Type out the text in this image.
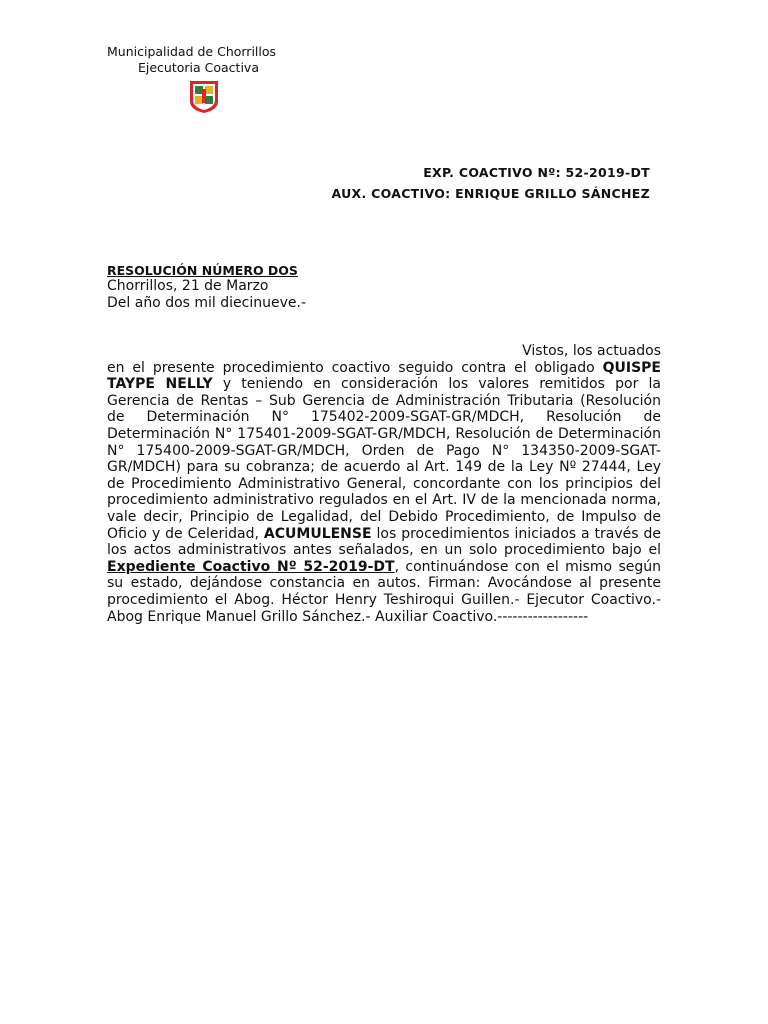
Municipalidad de Chorrillos
Ejecutoria Coactiva
EXP. COACTIVO Nº: 52-2019-DT
AUX. COACTIVO: ENRIQUE GRILLO SÁNCHEZ
RESOLUCIÓN NÚMERO DOS
Chorrillos, 21 de Marzo
Del año dos mil diecinueve.-
Vistos, los actuados
en el presente procedimiento coactivo seguido contra el obligado QUISPE TAYPE NELLY y teniendo en consideración los valores remitidos por la Gerencia de Rentas – Sub Gerencia de Administración Tributaria (Resolución de Determinación N° 175402-2009-SGAT-GR/MDCH, Resolución de Determinación N° 175401-2009-SGAT-GR/MDCH, Resolución de Determinación N° 175400-2009-SGAT-GR/MDCH, Orden de Pago N° 134350-2009-SGAT-GR/MDCH) para su cobranza; de acuerdo al Art. 149 de la Ley Nº 27444, Ley de Procedimiento Administrativo General, concordante con los principios del procedimiento administrativo regulados en el Art. IV de la mencionada norma, vale decir, Principio de Legalidad, del Debido Procedimiento, de Impulso de Oficio y de Celeridad, ACUMULENSE los procedimientos iniciados a través de los actos administrativos antes señalados, en un solo procedimiento bajo el Expediente Coactivo Nº 52-2019-DT, continuándose con el mismo según su estado, dejándose constancia en autos. Firman: Avocándose al presente procedimiento el Abog. Héctor Henry Teshiroqui Guillen.- Ejecutor Coactivo.- Abog Enrique Manuel Grillo Sánchez.- Auxiliar Coactivo.------------------
